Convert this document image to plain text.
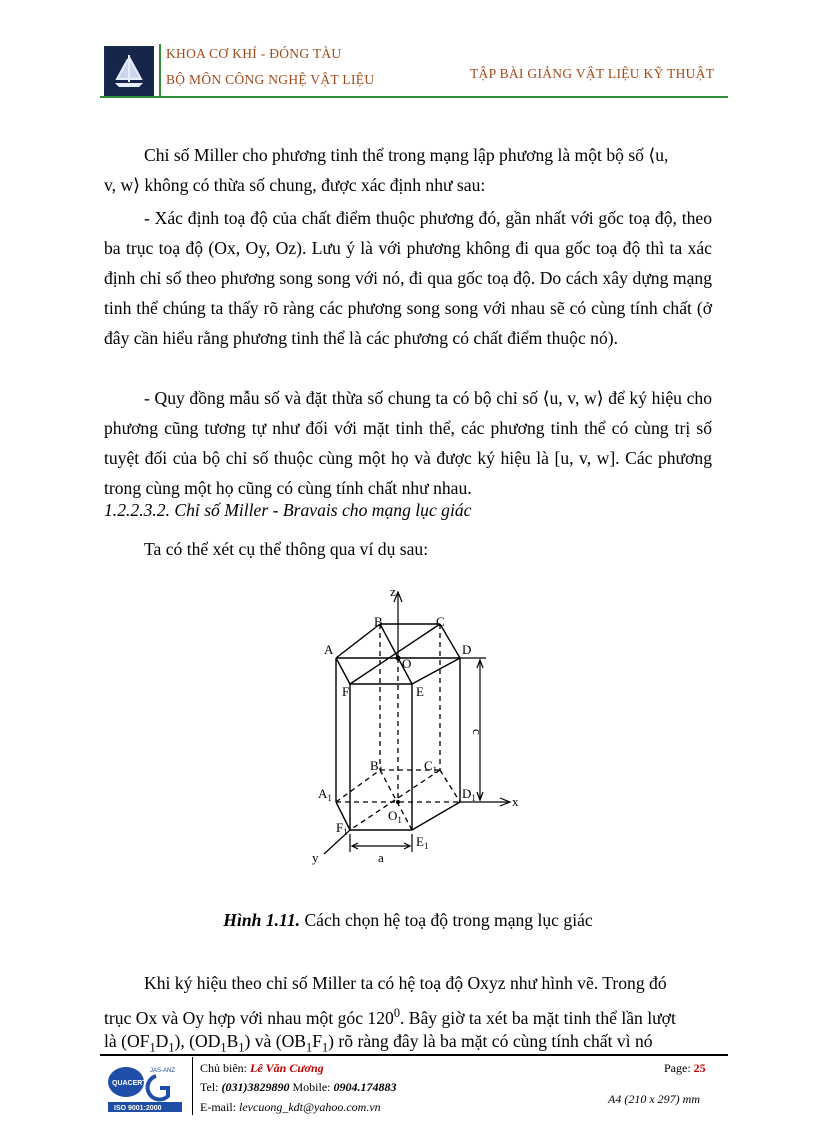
KHOA CƠ KHÍ - ĐÓNG TÀU
BỘ MÔN CÔNG NGHỆ VẬT LIỆU	TẬP BÀI GIẢNG VẬT LIỆU KỸ THUẬT
Chỉ số Miller cho phương tinh thể trong mạng lập phương là một bộ số ⟨u,
v, w⟩ không có thừa số chung, được xác định như sau:
- Xác định toạ độ của chất điểm thuộc phương đó, gần nhất với gốc toạ độ, theo ba trục toạ độ (Ox, Oy, Oz). Lưu ý là với phương không đi qua gốc toạ độ thì ta xác định chỉ số theo phương song song với nó, đi qua gốc toạ độ. Do cách xây dựng mạng tinh thể chúng ta thấy rõ ràng các phương song song với nhau sẽ có cùng tính chất (ở đây cần hiểu rằng phương tinh thể là các phương có chất điểm thuộc nó).
- Quy đồng mẫu số và đặt thừa số chung ta có bộ chỉ số ⟨u, v, w⟩ để ký hiệu cho phương cũng tương tự như đối với mặt tinh thể, các phương tinh thể có cùng trị số tuyệt đối của bộ chỉ số thuộc cùng một họ và được ký hiệu là [u, v, w]. Các phương trong cùng một họ cũng có cùng tính chất như nhau.
1.2.2.3.2. Chỉ số Miller - Bravais cho mạng lục giác
Ta có thể xét cụ thể thông qua ví dụ sau:
z
x
y
A
B	C
D
E
F
O
$A_1$
$B_1$	$C_1$
$D_1$
$E_1$
$F_1$
$O_1$
a
c
Hình 1.11. Cách chọn hệ toạ độ trong mạng lục giác
Khi ký hiệu theo chỉ số Miller ta có hệ toạ độ Oxyz như hình vẽ. Trong đó
trục Ox và Oy hợp với nhau một góc $120^0$. Bây giờ ta xét ba mặt tinh thể lần lượt
là $(OF_1D_1)$, $(OD_1B_1)$ và $(OB_1F_1)$ rõ ràng đây là ba mặt có cùng tính chất vì nó
QUACERT
JAS-ANZ
ISO 9001:2000
Chủ biên: Lê Văn Cương
Tel: (031)3829890 Mobile: 0904.174883
E-mail: levcuong_kdt@yahoo.com.vn
Page: 25
A4 (210 x 297) mm
